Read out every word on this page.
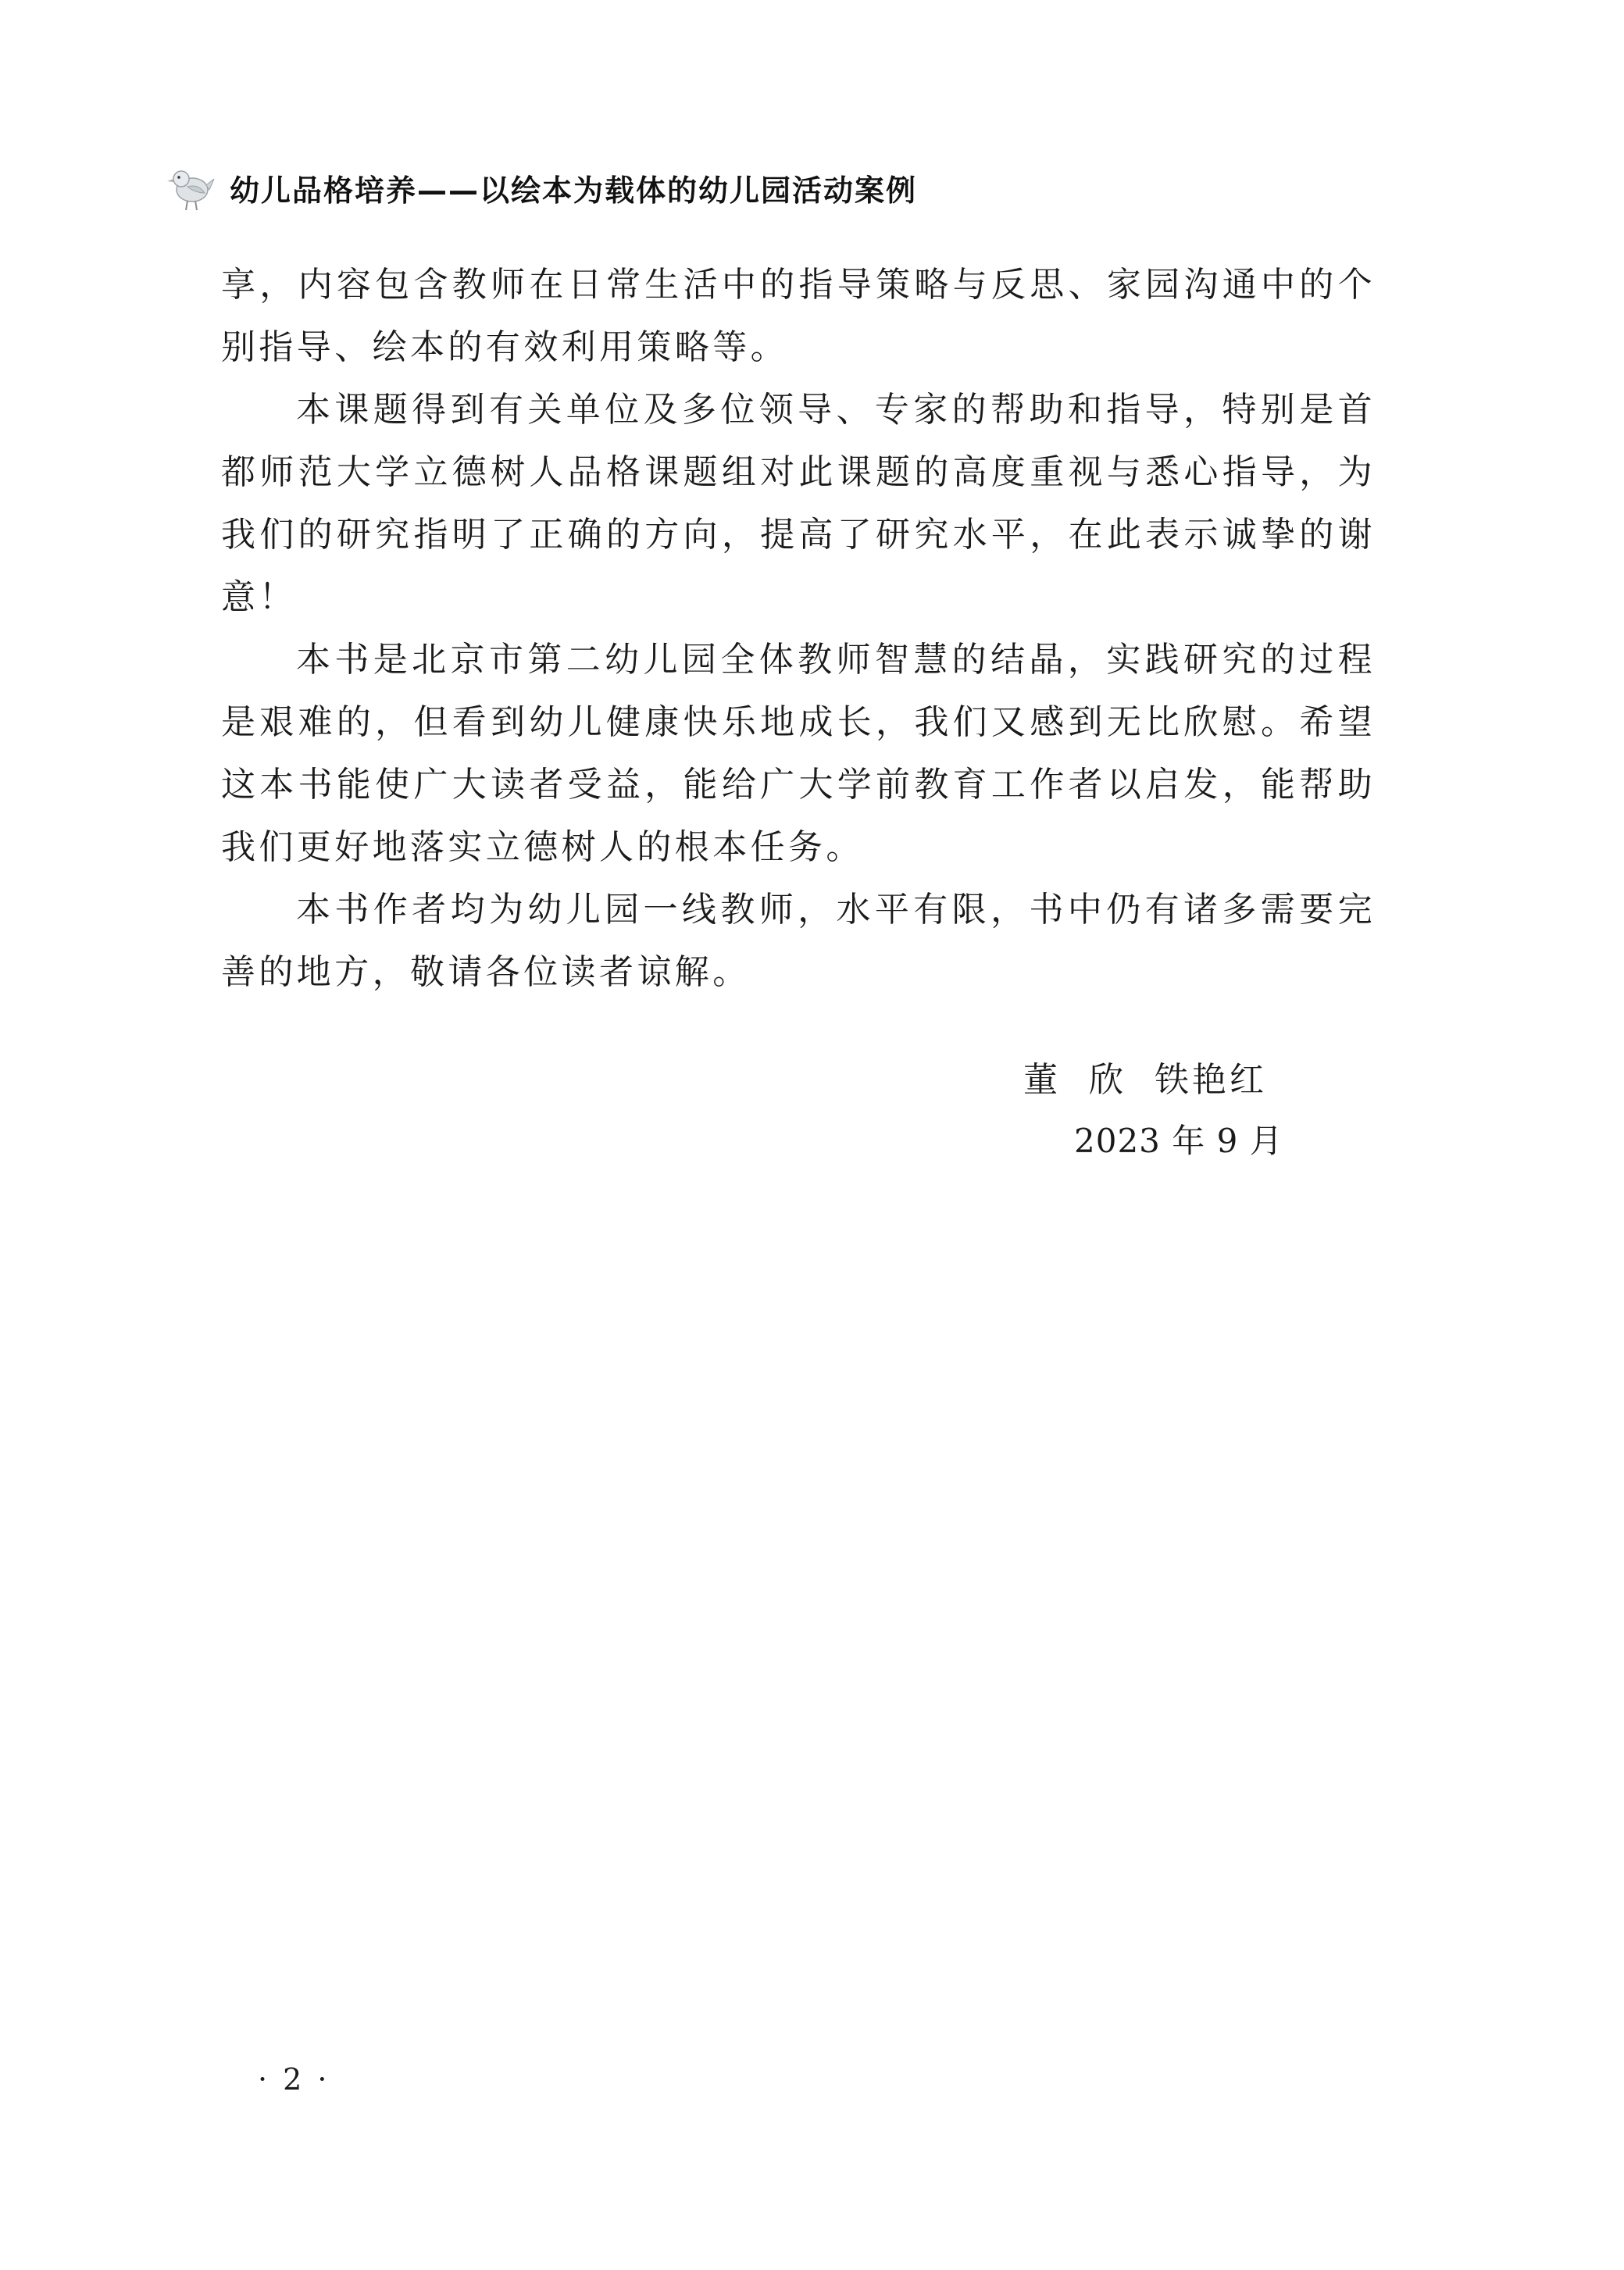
幼儿品格培养——以绘本为载体的幼儿园活动案例

享，内容包含教师在日常生活中的指导策略与反思、家园沟通中的个别指导、绘本的有效利用策略等。

本课题得到有关单位及多位领导、专家的帮助和指导，特别是首都师范大学立德树人品格课题组对此课题的高度重视与悉心指导，为我们的研究指明了正确的方向，提高了研究水平，在此表示诚挚的谢意！

本书是北京市第二幼儿园全体教师智慧的结晶，实践研究的过程是艰难的，但看到幼儿健康快乐地成长，我们又感到无比欣慰。希望这本书能使广大读者受益，能给广大学前教育工作者以启发，能帮助我们更好地落实立德树人的根本任务。

本书作者均为幼儿园一线教师，水平有限，书中仍有诸多需要完善的地方，敬请各位读者谅解。

董  欣  铁艳红
2023 年 9 月
· 2 ·
